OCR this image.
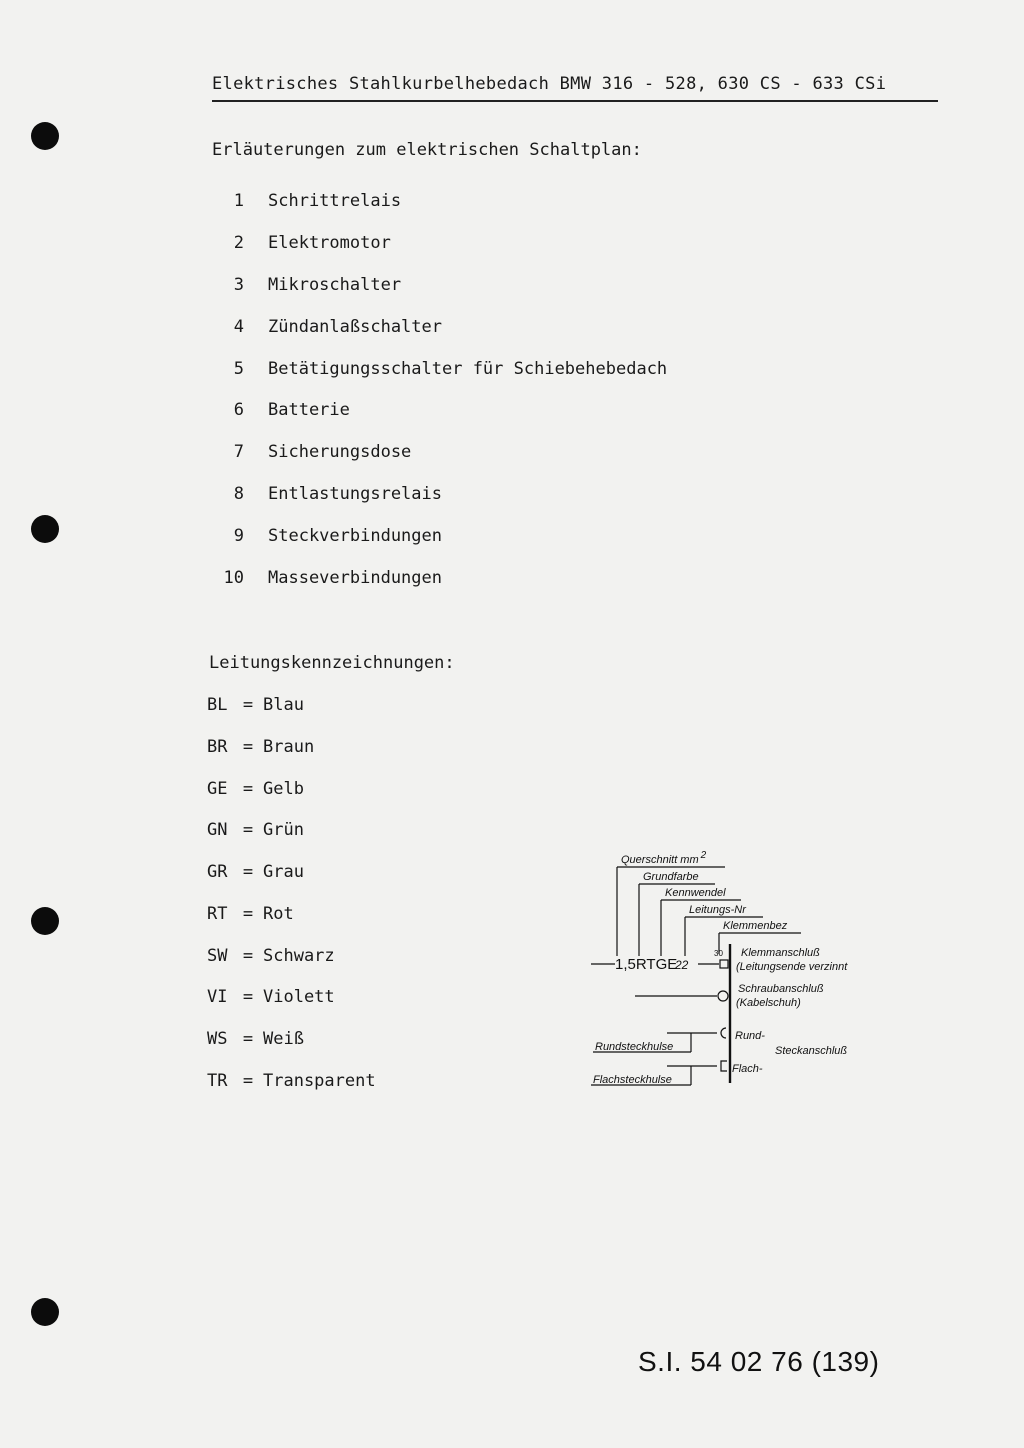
Elektrisches Stahlkurbelhebedach BMW 316 - 528, 630 CS - 633 CSi
Erläuterungen zum elektrischen Schaltplan:
1 Schrittrelais
2 Elektromotor
3 Mikroschalter
4 Zündanlaßschalter
5 Betätigungsschalter für Schiebehebedach
6 Batterie
7 Sicherungsdose
8 Entlastungsrelais
9 Steckverbindungen
10 Masseverbindungen
Leitungskennzeichnungen:
BL = Blau
BR = Braun
GE = Gelb
GN = Grün
GR = Grau
RT = Rot
SW = Schwarz
VI = Violett
WS = Weiß
TR = Transparent
Querschnitt mm 2
Grundfarbe
Kennwendel
Leitungs-Nr
Klemmenbez
1,5RTGE
22
30 Klemmanschluß
(Leitungsende verzinnt
Schraubanschluß
(Kabelschuh)
Rund-
Steckanschluß
Flach-
Rundsteckhulse
Flachsteckhulse
S.I. 54 02 76 (139)
